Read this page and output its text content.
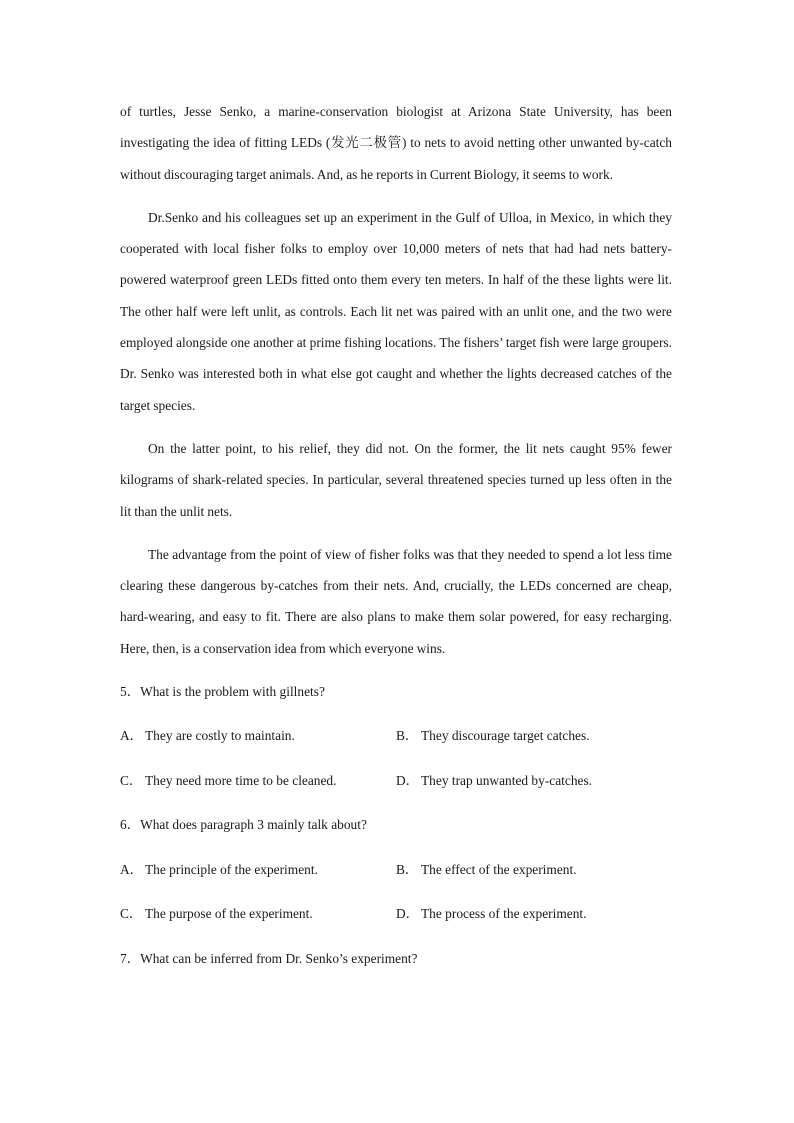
of turtles, Jesse Senko, a marine-conservation biologist at Arizona State University, has been investigating the idea of fitting LEDs (发光二极管) to nets to avoid netting other unwanted by-catch without discouraging target animals. And, as he reports in Current Biology, it seems to work.

Dr.Senko and his colleagues set up an experiment in the Gulf of Ulloa, in Mexico, in which they cooperated with local fisher folks to employ over 10,000 meters of nets that had had nets battery-powered waterproof green LEDs fitted onto them every ten meters. In half of the these lights were lit. The other half were left unlit, as controls. Each lit net was paired with an unlit one, and the two were employed alongside one another at prime fishing locations. The fishers’ target fish were large groupers. Dr. Senko was interested both in what else got caught and whether the lights decreased catches of the target species.

On the latter point, to his relief, they did not. On the former, the lit nets caught 95% fewer kilograms of shark-related species. In particular, several threatened species turned up less often in the lit than the unlit nets.

The advantage from the point of view of fisher folks was that they needed to spend a lot less time clearing these dangerous by-catches from their nets. And, crucially, the LEDs concerned are cheap, hard-wearing, and easy to fit. There are also plans to make them solar powered, for easy recharging. Here, then, is a conservation idea from which everyone wins.

5．What is the problem with gillnets?
A． They are costly to maintain.	B． They discourage target catches.
C． They need more time to be cleaned.	D． They trap unwanted by-catches.
6．What does paragraph 3 mainly talk about?
A． The principle of the experiment.	B． The effect of the experiment.
C． The purpose of the experiment.	D． The process of the experiment.
7．What can be inferred from Dr. Senko’s experiment?
